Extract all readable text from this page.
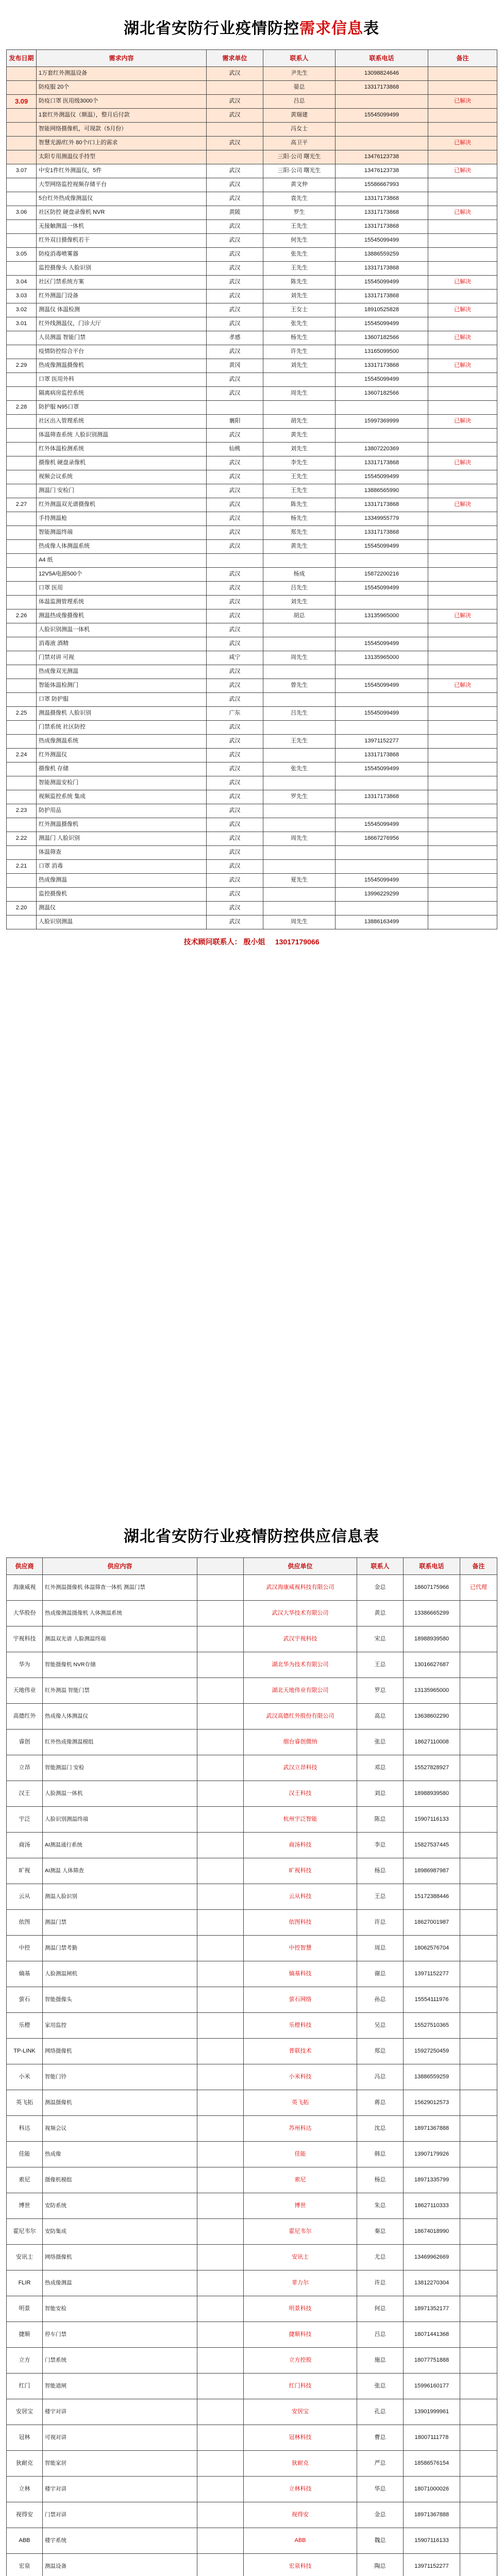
湖北省安防行业疫情防控需求信息表
发布日期	需求内容	需求单位	联系人	联系电话	备注
	1万套红外测温设备	武汉	尹先生	13098824646	
	防疫服 20个		晏总	13317173868	
3.09	防疫口罩 医用级3000个	武汉	吕总		已解决
	1套红外测温仪（额温），整月后付款	武汉	黄瑞建	15545099499	
	智能网络摄像机，可现款（5月份）		冯女士		
	智慧光源/红外 80个/口上的需求	武汉	高卫平		已解决
	太阳专用测温仪手持型		三阳·公司 曙光生	13476123738	
3.07	中安1件红外测温仪，5件	武汉	三阳·公司 曙光生	13476123738	已解决
	大型网络监控视频存储平台	武汉	黄文仲	15586667993	
	5台红外热成像测温仪	武汉	袁先生	13317173868	
3.06	社区防控 硬盘录像机 NVR	黄陂	罗生	13317173868	已解决
	无接触测温一体机	武汉	王先生	13317173868	
	红外双目摄像机若干	武汉	何先生	15545099499	
3.05	防疫消毒喷雾器	武汉	张先生	13886559259	
	监控摄像头 人脸识别	武汉	王先生	13317173868	
3.04	社区门禁系统方案	武汉	陈先生	15545099499	已解决
3.03	红外测温门设备	武汉	刘先生	13317173868	
3.02	测温仪 体温检测	武汉	王女士	18910525828	已解决
3.01	红外线测温仪，门诊大厅	武汉	张先生	15545099499	
	人员测温 智能门禁	孝感	杨先生	13607182566	已解决
	疫情防控综合平台	武汉	许先生	13165099500	
2.29	热成像测温摄像机	黄冈	刘先生	13317173868	已解决
	口罩 医用外科	武汉		15545099499	
	隔离病房监控系统	武汉	周先生	13607182566	
2.28	防护服 N95口罩				
	社区出入管理系统	襄阳	胡先生	15997369999	已解决
	体温筛查系统 人脸识别测温	武汉	黄先生		
	红外体温检测系统	仙桃	刘先生	13807220369	
	摄像机 硬盘录像机	武汉	李先生	13317173868	已解决
	视频会议系统	武汉	王先生	15545099499	
	测温门 安检门	武汉	王先生	13886565990	
2.27	红外测温双光谱摄像机	武汉	陈先生	13317173868	已解决
	手持测温枪	武汉	杨先生	13349955779	
	智能测温终端	武汉	郑先生	13317173868	
	热成像人体测温系统	武汉	黄先生	15545099499	
	A4 纸				
	12V5A电源500个	武汉	杨成	15872200216	
	口罩 医用	武汉	吕先生	15545099499	
	体温监测管理系统	武汉	刘先生		
2.26	测温热成像摄像机	武汉	胡总	13135965000	已解决
	人脸识别测温一体机	武汉			
	消毒液 酒精	武汉		15545099499	
	门禁对讲 可视	咸宁	周先生	13135965000	
	热成像双光测温	武汉			
	智能体温检测门	武汉	曾先生	15545099499	已解决
	口罩 防护服	武汉			
2.25	测温摄像机 人脸识别	广东	吕先生	15545099499	
	门禁系统 社区防控	武汉			
	热成像测温系统	武汉	王先生	13971152277	
2.24	红外测温仪	武汉		13317173868	
	摄像机 存储	武汉	张先生	15545099499	
	智能测温安检门	武汉			
	视频监控系统 集成	武汉	罗先生	13317173868	
2.23	防护用品	武汉			
	红外测温摄像机	武汉		15545099499	
2.22	测温门 人脸识别	武汉	周先生	18667276956	
	体温筛查	武汉			
2.21	口罩 消毒	武汉			
	热成像测温	武汉	夏先生	15545099499	
	监控摄像机	武汉		13996229299	
2.20	测温仪	武汉			
	人脸识别测温	武汉	周先生	13886163499	
技术顾问联系人： 殷小姐 13017179066
湖北省安防行业疫情防控供应信息表
供应商	供应内容		供应单位	联系人	联系电话	备注
海康威视	红外测温摄像机 体温筛查一体机 测温门禁		武汉海康威视科技有限公司	金总	18607175966	已代理
大华股份	热成像测温摄像机 人体测温系统		武汉大华技术有限公司	黄总	13386665299	
宇视科技	测温双光谱 人脸测温终端		武汉宇视科技	宋总	18988939580	
华为	智能摄像机 NVR存储		湖北华为技术有限公司	王总	13016627687	
天地伟业	红外测温 智能门禁		湖北天地伟业有限公司	罗总	13135965000	
高德红外	热成像人体测温仪		武汉高德红外股份有限公司	高总	13638602290	
睿创	红外热成像测温模组		烟台睿创微纳	张总	18627110008	
立昂	智能测温门 安检		武汉立昂科技	邓总	15527828927	
汉王	人脸测温一体机		汉王科技	刘总	18988939580	
宇泛	人脸识别测温终端		杭州宇泛智能	陈总	15907116133	
商汤	AI测温通行系统		商汤科技	李总	15827537445	
旷视	AI测温 人体筛查		旷视科技	杨总	18986987987	
云从	测温人脸识别		云从科技	王总	15172388446	
依图	测温门禁		依图科技	许总	18627001987	
中控	测温门禁考勤		中控智慧	周总	18062576704	
熵基	人脸测温闸机		熵基科技	谢总	13971152277	
萤石	智能摄像头		萤石网络	孙总	15554111976	
乐橙	家用监控		乐橙科技	吴总	15527510365	
TP-LINK	网络摄像机		普联技术	郑总	15927250459	
小米	智能门铃		小米科技	冯总	13886559259	
英飞拓	测温摄像机		英飞拓	蒋总	15629012573	
科达	视频会议		苏州科达	沈总	18971367888	
佳能	热成像		佳能	韩总	13907179926	
索尼	摄像机模组		索尼	杨总	18971335799	
博世	安防系统		博世	朱总	18627110333	
霍尼韦尔	安防集成		霍尼韦尔	秦总	18674018990	
安讯士	网络摄像机		安讯士	尤总	13469962669	
FLIR	热成像测温		菲力尔	许总	13812270304	
明景	智能安检		明景科技	何总	18971352177	
捷顺	停车门禁		捷顺科技	吕总	18071441368	
立方	门禁系统		立方控股	施总	18077751888	
红门	智能道闸		红门科技	张总	15996160177	
安居宝	楼宇对讲		安居宝	孔总	13901999961	
冠林	可视对讲		冠林科技	曹总	18007111778	
狄耐克	智能家居		狄耐克	严总	18586576154	
立林	楼宇对讲		立林科技	华总	18071000026	
视得安	门禁对讲		视得安	金总	18971367888	
ABB	楼宇系统		ABB	魏总	15907116133	
宏泉	测温设备		宏泉科技	陶总	13971152277	
